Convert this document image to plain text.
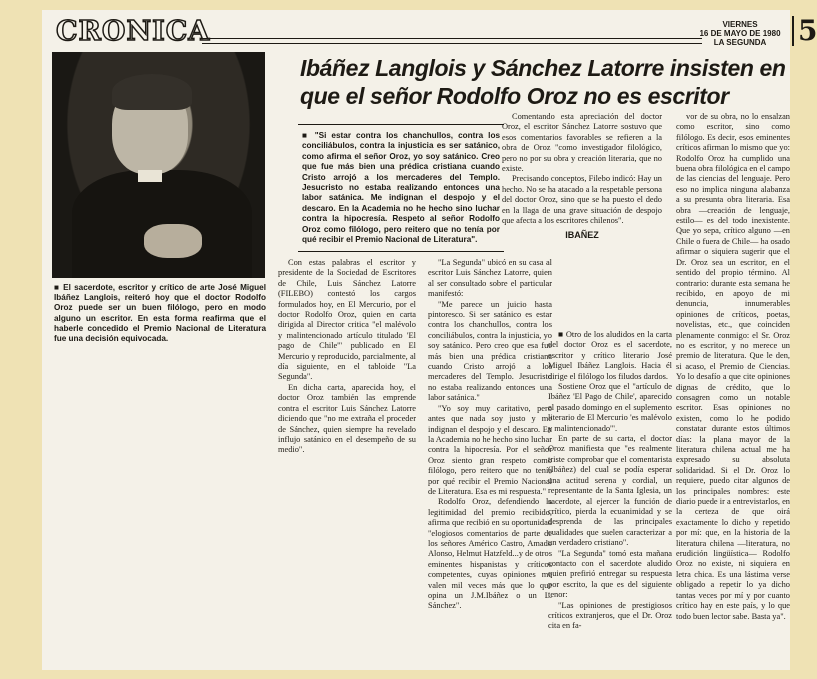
CRONICA	VIERNES
16 DE MAYO DE 1980
LA SEGUNDA	5
■ El sacerdote, escritor y crítico de arte José Miguel Ibáñez Langlois, reiteró hoy que el doctor Rodolfo Oroz puede ser un buen filólogo, pero en modo alguno un escritor. En esta forma reafirma que el haberle concedido el Premio Nacional de Literatura fue una decisión equivocada.
Ibáñez Langlois y Sánchez Latorre insisten en que el señor Rodolfo Oroz no es escritor
■ "Si estar contra los chanchullos, contra los conciliábulos, contra la injusticia es ser satánico, como afirma el señor Oroz, yo soy satánico. Creo que fue más bien una prédica cristiana cuando Cristo arrojó a los mercaderes del Templo. Jesucristo no estaba realizando entonces una labor satánica. Me indignan el despojo y el descaro. En la Academia no he hecho sino luchar contra la hipocresía. Respeto al señor Rodolfo Oroz como filólogo, pero reitero que no tenía por qué recibir el Premio Nacional de Literatura".

Con estas palabras el escritor y presidente de la Sociedad de Escritores de Chile, Luis Sánchez Latorre (FILEBO) contestó los cargos formulados hoy, en El Mercurio, por el doctor Rodolfo Oroz, quien en carta dirigida al Director critica "el malévolo y malintencionado artículo titulado 'El pago de Chile'" publicado en El Mercurio y reproducido, parcialmente, al día siguiente, en el tabloide "La Segunda".

En dicha carta, aparecida hoy, el doctor Oroz también las emprende contra el escritor Luis Sánchez Latorre diciendo que "no me extraña el proceder de Sánchez, quien siempre ha revelado influjo satánico en el desempeño de su medio".

"La Segunda" ubicó en su casa al escritor Luis Sánchez Latorre, quien al ser consultado sobre el particular manifestó:

"Me parece un juicio hasta pintoresco. Si ser satánico es estar contra los chanchullos, contra los conciliábulos, contra la injusticia, yo soy satánico. Pero creo que esa fue más bien una prédica cristiana cuando Cristo arrojó a los mercaderes del Templo. Jesucristo no estaba realizando entonces una labor satánica."

"Yo soy muy caritativo, pero antes que nada soy justo y me indignan el despojo y el descaro. En la Academia no he hecho sino luchar contra la hipocresía. Por el señor Oroz siento gran respeto como filólogo, pero reitero que no tenía por qué recibir el Premio Nacional de Literatura. Esa es mi respuesta."

Rodolfo Oroz, defendiendo la legitimidad del premio recibido, afirma que recibió en su oportunidad "elogiosos comentarios de parte de los señores Américo Castro, Amado Alonso, Helmut Hatzfeld...y de otros eminentes hispanistas y críticos competentes, cuyas opiniones me valen mil veces más que lo que opina un J.M.Ibáñez o un L. Sánchez".

Comentando esta apreciación del doctor Oroz, el escritor Sánchez Latorre sostuvo que esos comentarios favorables se refieren a la obra de Oroz "como investigador filológico, pero no por su obra y creación literaria, que no existe.

Precisando conceptos, Filebo indicó: Hay un hecho. No se ha atacado a la respetable persona del doctor Oroz, sino que se ha puesto el dedo en la llaga de una grave situación de despojo que afecta a los escritores chilenos".

IBAÑEZ

■ Otro de los aludidos en la carta del doctor Oroz es el sacerdote, escritor y crítico literario José Miguel Ibáñez Langlois. Hacia él dirige el filólogo los filudos dardos.

Sostiene Oroz que el "artículo de Ibáñez 'El Pago de Chile', aparecido el pasado domingo en el suplemento literario de El Mercurio 'es malévolo y malintencionado'".

En parte de su carta, el doctor Oroz manifiesta que "es realmente triste comprobar que el comentarista (Ibáñez) del cual se podía esperar una actitud serena y cordial, un representante de la Santa Iglesia, un sacerdote, al ejercer la función de crítico, pierda la ecuanimidad y se desprenda de las principales cualidades que suelen caracterizar a un verdadero cristiano".

"La Segunda" tomó esta mañana contacto con el sacerdote aludido quien prefirió entregar su respuesta por escrito, la que es del siguiente tenor:

"Las opiniones de prestigiosos críticos extranjeros, que el Dr. Oroz cita en fa-

vor de su obra, no lo ensalzan como escritor, sino como filólogo. Es decir, esos eminentes críticos afirman lo mismo que yo: Rodolfo Oroz ha cumplido una buena obra filológica en el campo de las ciencias del lenguaje. Pero eso no implica ninguna alabanza a su presunta obra literaria. Esa obra —creación de lenguaje, estilo— es del todo inexistente. Que yo sepa, crítico alguno —en Chile o fuera de Chile— ha osado afirmar o siquiera sugerir que el Dr. Oroz sea un escritor, en el sentido del propio término. Al contrario: durante esta semana he recibido, en apoyo de mi denuncia, innumerables opiniones de críticos, poetas, novelistas, etc., que coinciden plenamente conmigo: el Sr. Oroz no es escritor, y no merece un premio de literatura. Que le den, si acaso, el Premio de Ciencias. Yo lo desafío a que cite opiniones dignas de crédito, que lo consagren como un notable escritor. Esas opiniones no existen, como lo he podido constatar durante estos últimos días: la plana mayor de la literatura chilena actual me ha expresado su absoluta solidaridad. Si el Dr. Oroz lo requiere, puedo citar algunos de los principales nombres: este diario puede ir a entrevistarlos, en la certeza de que oirá exactamente lo dicho y repetido por mí: que, en la historia de la literatura chilena —literatura, no erudición lingüística— Rodolfo Oroz no existe, ni siquiera en letra chica. Es una lástima verse obligado a repetir lo ya dicho tantas veces por mí y por cuanto crítico hay en este país, y lo que todo buen lector sabe. Basta ya".
